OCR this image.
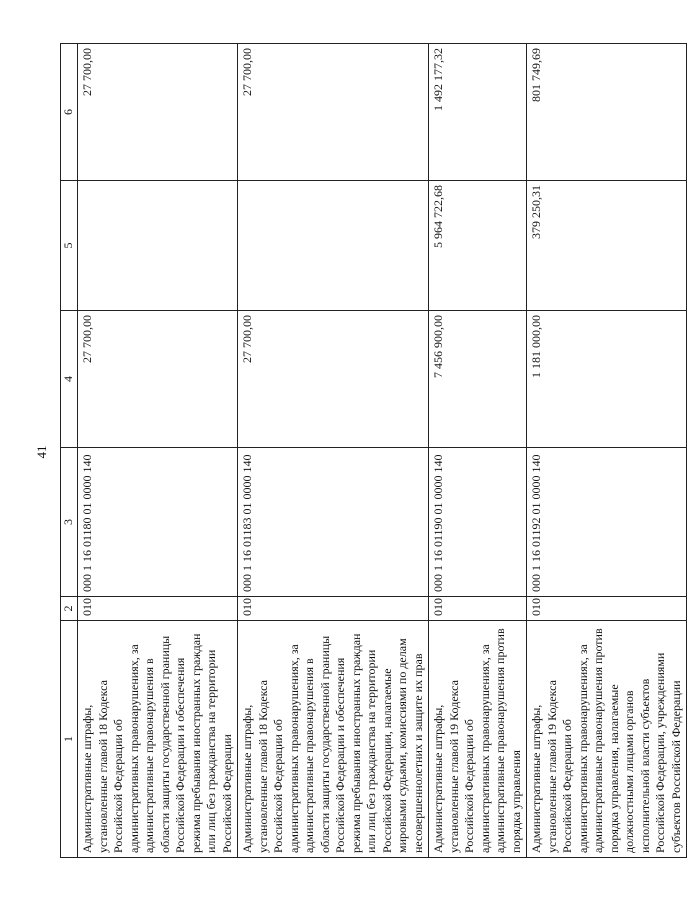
41
1	2	3	4	5	6
Административные штрафы, установленные главой 18 Кодекса Российской Федерации об административных правонарушениях, за административные правонарушения в области защиты государственной границы Российской Федерации и обеспечения режима пребывания иностранных граждан или лиц без гражданства на территории Российской Федерации	010	000 1 16 01180 01 0000 140	27 700,00		27 700,00
Административные штрафы, установленные главой 18 Кодекса Российской Федерации об административных правонарушениях, за административные правонарушения в области защиты государственной границы Российской Федерации и обеспечения режима пребывания иностранных граждан или лиц без гражданства на территории Российской Федерации, налагаемые мировыми судьями, комиссиями по делам несовершеннолетних и защите их прав	010	000 1 16 01183 01 0000 140	27 700,00		27 700,00
Административные штрафы, установленные главой 19 Кодекса Российской Федерации об административных правонарушениях, за административные правонарушения против порядка управления	010	000 1 16 01190 01 0000 140	7 456 900,00	5 964 722,68	1 492 177,32
Административные штрафы, установленные главой 19 Кодекса Российской Федерации об административных правонарушениях, за административные правонарушения против порядка управления, налагаемые должностными лицами органов исполнительной власти субъектов Российской Федерации, учреждениями субъектов Российской Федерации	010	000 1 16 01192 01 0000 140	1 181 000,00	379 250,31	801 749,69
